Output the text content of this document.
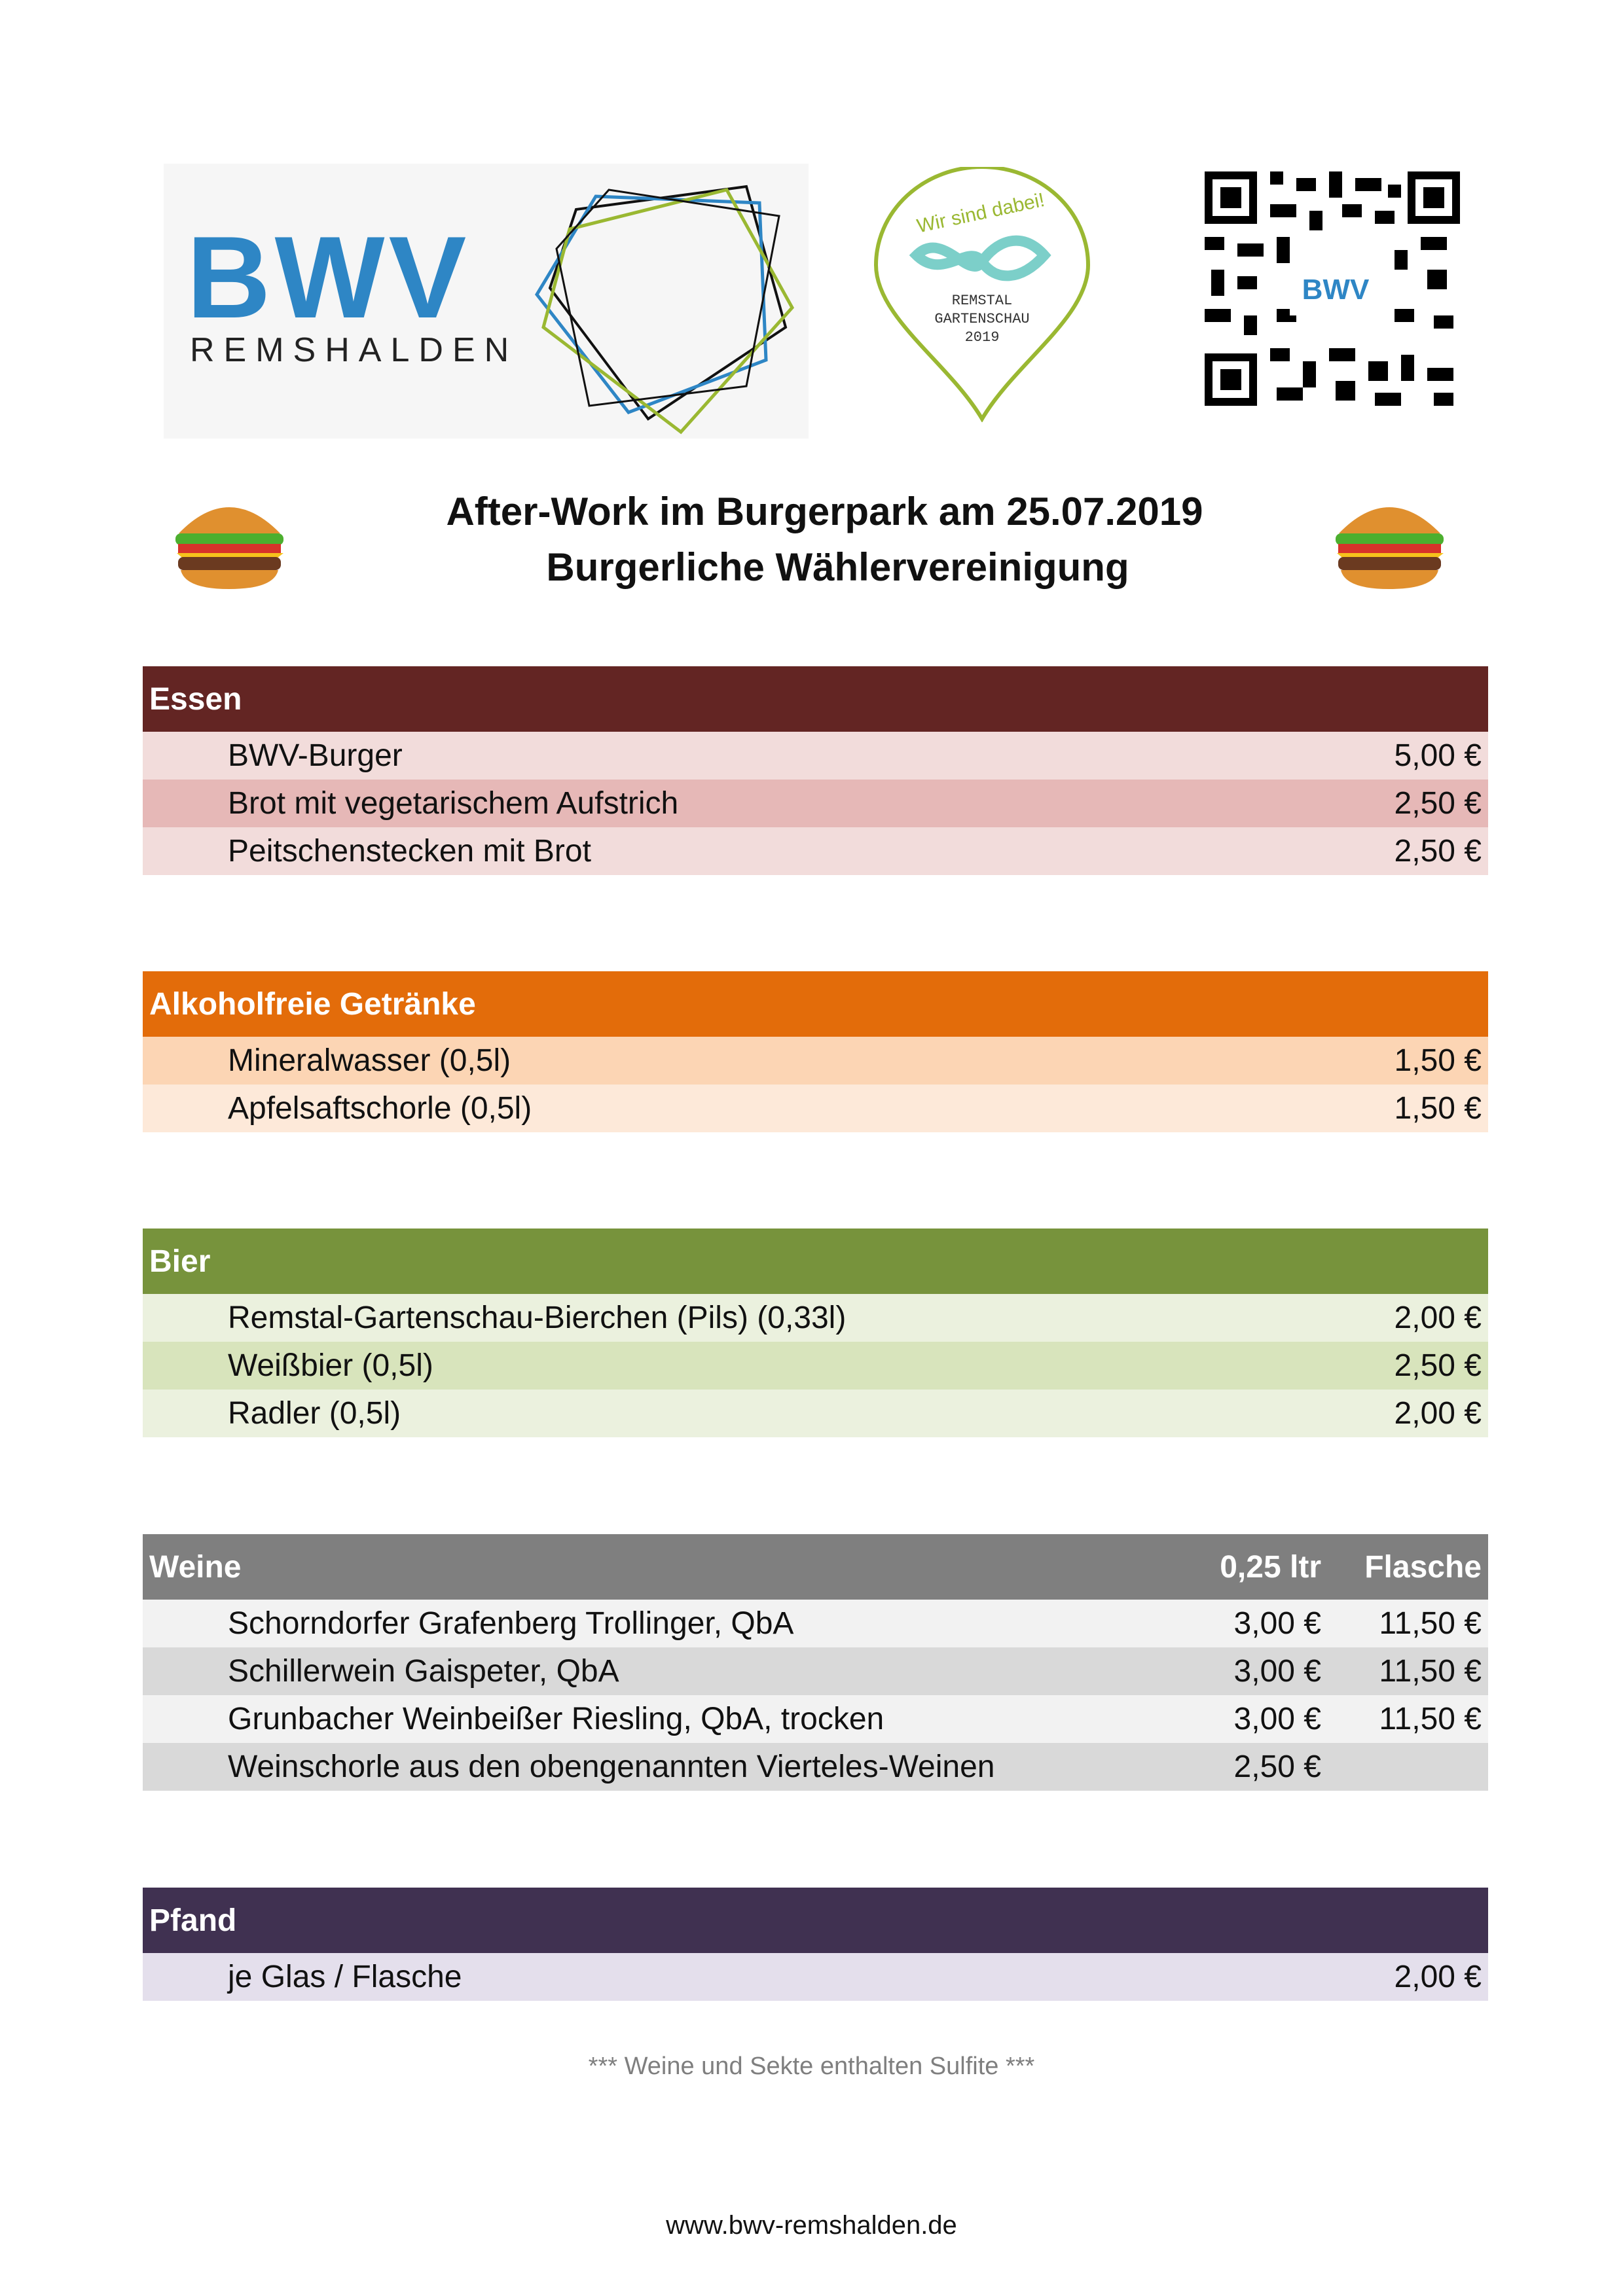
BWV
REMSHALDEN
Wir sind dabei!
REMSTAL
GARTENSCHAU
2019
BWV
After-Work im Burgerpark am 25.07.2019
Burgerliche Wählervereinigung
Essen
BWV-Burger	5,00 €
Brot mit vegetarischem Aufstrich	2,50 €
Peitschenstecken mit Brot	2,50 €
Alkoholfreie Getränke
Mineralwasser (0,5l)	1,50 €
Apfelsaftschorle (0,5l)	1,50 €
Bier
Remstal-Gartenschau-Bierchen (Pils) (0,33l)	2,00 €
Weißbier (0,5l)	2,50 €
Radler (0,5l)	2,00 €
Weine	0,25 ltr Flasche
Schorndorfer Grafenberg Trollinger, QbA	3,00 € 11,50 €
Schillerwein Gaispeter, QbA	3,00 € 11,50 €
Grunbacher Weinbeißer Riesling, QbA, trocken	3,00 € 11,50 €
Weinschorle aus den obengenannten Vierteles-Weinen	2,50 €
Pfand
je Glas / Flasche	2,00 €
*** Weine und Sekte enthalten Sulfite ***
www.bwv-remshalden.de
